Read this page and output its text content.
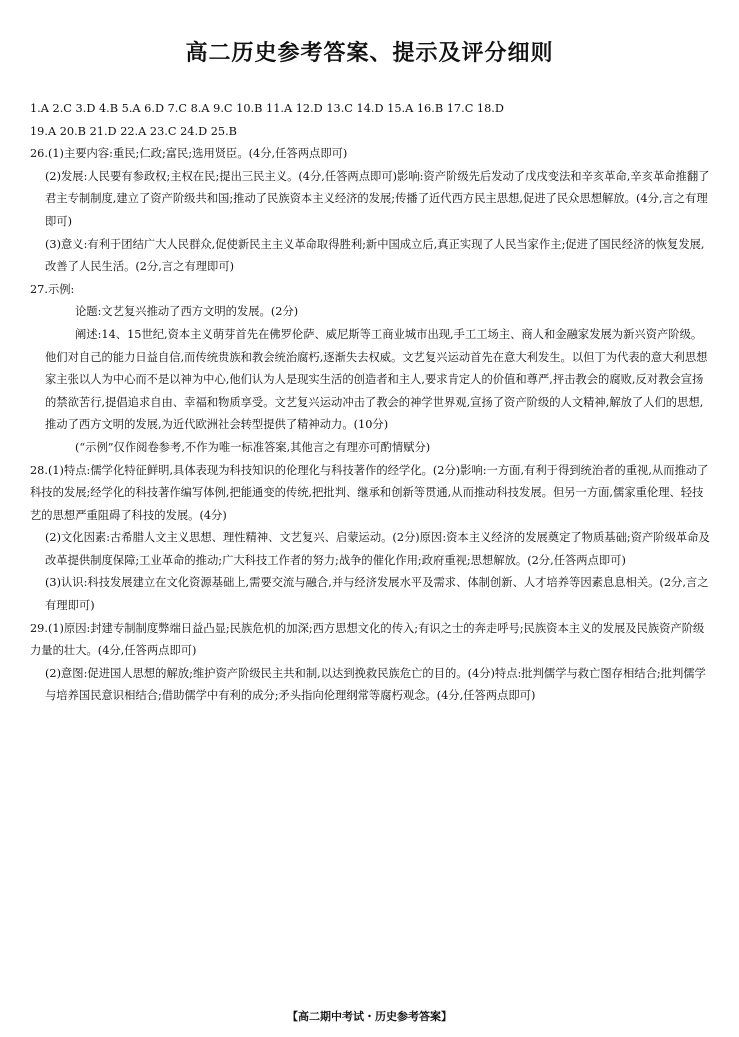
高二历史参考答案、提示及评分细则
1.A 2.C 3.D 4.B 5.A 6.D 7.C 8.A 9.C 10.B 11.A 12.D 13.C 14.D 15.A 16.B 17.C 18.D
19.A 20.B 21.D 22.A 23.C 24.D 25.B

26.(1)主要内容:重民;仁政;富民;选用贤臣。(4分,任答两点即可)

(2)发展:人民要有参政权;主权在民;提出三民主义。(4分,任答两点即可)影响:资产阶级先后发动了戊戌变法和辛亥革命,辛亥革命推翻了君主专制制度,建立了资产阶级共和国;推动了民族资本主义经济的发展;传播了近代西方民主思想,促进了民众思想解放。(4分,言之有理即可)

(3)意义:有利于团结广大人民群众,促使新民主主义革命取得胜利;新中国成立后,真正实现了人民当家作主;促进了国民经济的恢复发展,改善了人民生活。(2分,言之有理即可)

27.示例:

论题:文艺复兴推动了西方文明的发展。(2分)

阐述:14、15世纪,资本主义萌芽首先在佛罗伦萨、威尼斯等工商业城市出现,手工工场主、商人和金融家发展为新兴资产阶级。他们对自己的能力日益自信,而传统贵族和教会统治腐朽,逐渐失去权威。文艺复兴运动首先在意大利发生。以但丁为代表的意大利思想家主张以人为中心而不是以神为中心,他们认为人是现实生活的创造者和主人,要求肯定人的价值和尊严,抨击教会的腐败,反对教会宣扬的禁欲苦行,提倡追求自由、幸福和物质享受。文艺复兴运动冲击了教会的神学世界观,宣扬了资产阶级的人文精神,解放了人们的思想,推动了西方文明的发展,为近代欧洲社会转型提供了精神动力。(10分)

(“示例”仅作阅卷参考,不作为唯一标准答案,其他言之有理亦可酌情赋分)

28.(1)特点:儒学化特征鲜明,具体表现为科技知识的伦理化与科技著作的经学化。(2分)影响:一方面,有利于得到统治者的重视,从而推动了科技的发展;经学化的科技著作编写体例,把能通变的传统,把批判、继承和创新等贯通,从而推动科技发展。但另一方面,儒家重伦理、轻技艺的思想严重阻碍了科技的发展。(4分)

(2)文化因素:古希腊人文主义思想、理性精神、文艺复兴、启蒙运动。(2分)原因:资本主义经济的发展奠定了物质基础;资产阶级革命及改革提供制度保障;工业革命的推动;广大科技工作者的努力;战争的催化作用;政府重视;思想解放。(2分,任答两点即可)

(3)认识:科技发展建立在文化资源基础上,需要交流与融合,并与经济发展水平及需求、体制创新、人才培养等因素息息相关。(2分,言之有理即可)

29.(1)原因:封建专制制度弊端日益凸显;民族危机的加深;西方思想文化的传入;有识之士的奔走呼号;民族资本主义的发展及民族资产阶级力量的壮大。(4分,任答两点即可)

(2)意图:促进国人思想的解放;维护资产阶级民主共和制,以达到挽救民族危亡的目的。(4分)特点:批判儒学与救亡图存相结合;批判儒学与培养国民意识相结合;借助儒学中有利的成分;矛头指向伦理纲常等腐朽观念。(4分,任答两点即可)

【高二期中考试・历史参考答案】
